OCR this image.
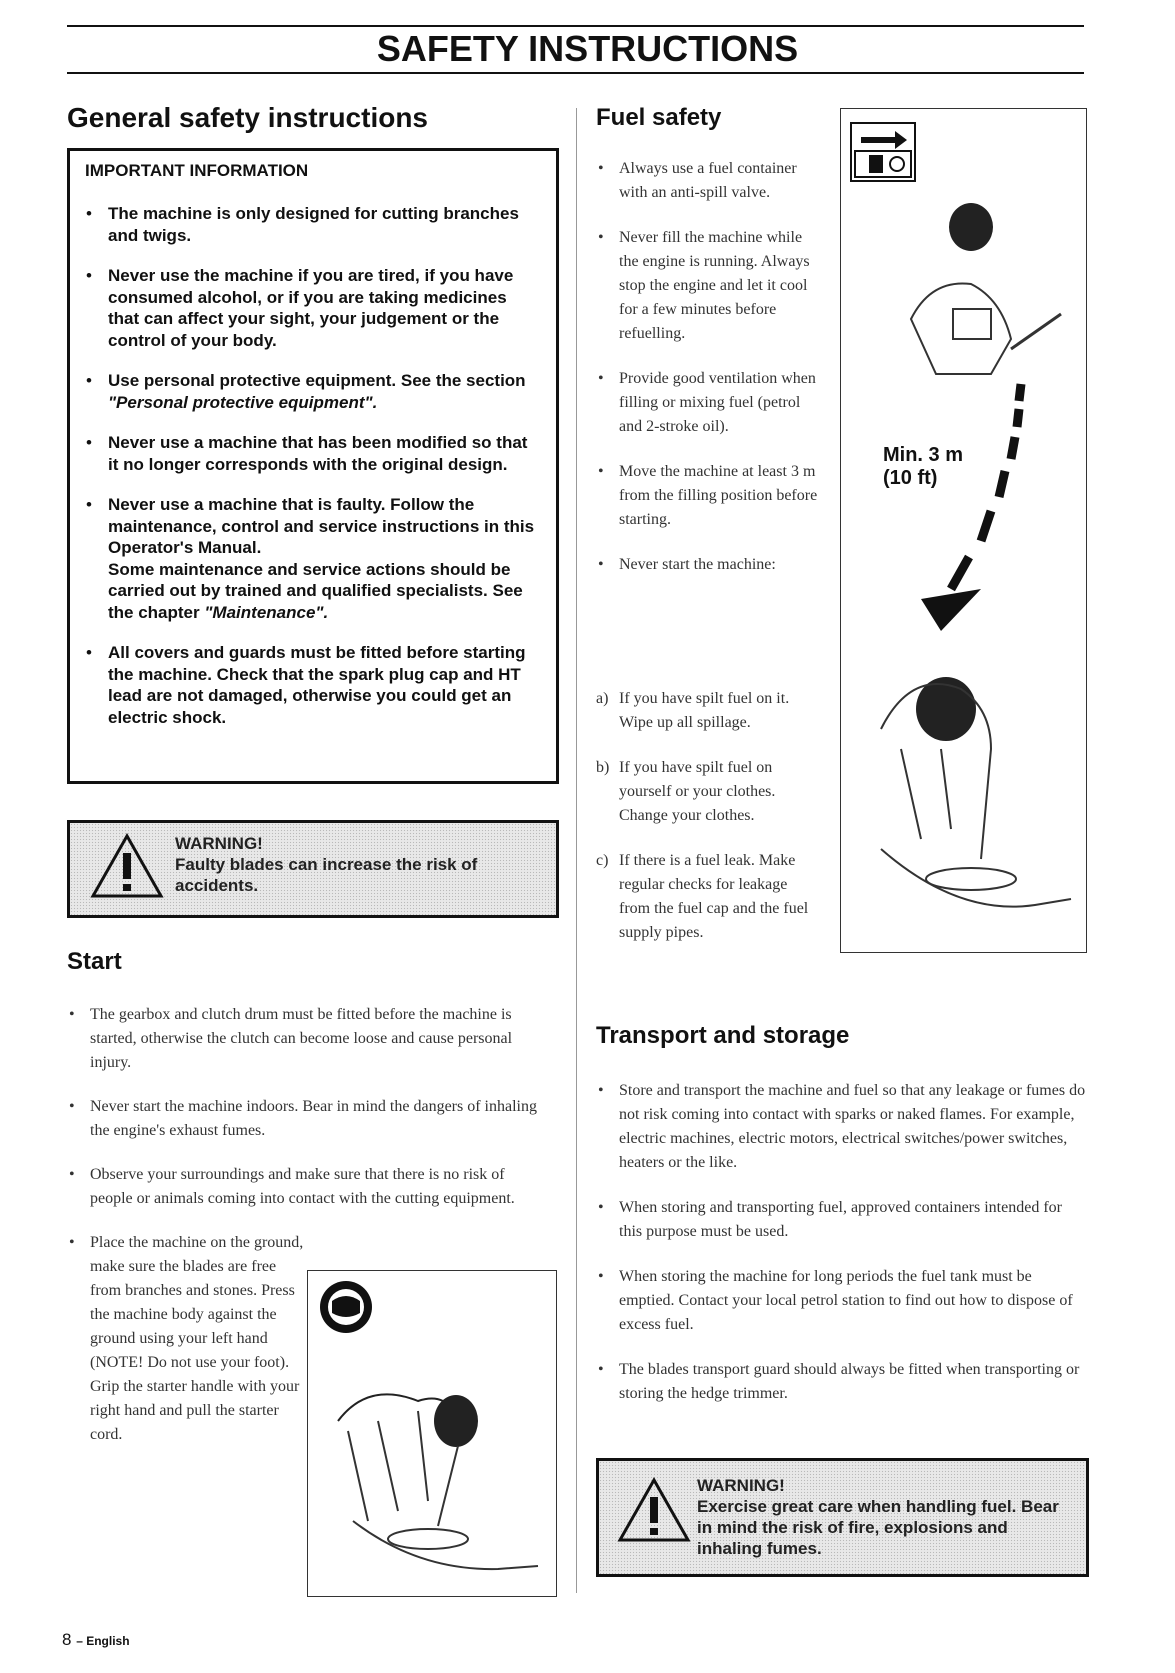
SAFETY INSTRUCTIONS
General safety instructions
IMPORTANT INFORMATION
• The machine is only designed for cutting branches and twigs.
• Never use the machine if you are tired, if you have consumed alcohol, or if you are taking medicines that can affect your sight, your judgement or the control of your body.
• Use personal protective equipment. See the section "Personal protective equipment".
• Never use a machine that has been modified so that it no longer corresponds with the original design.
• Never use a machine that is faulty. Follow the maintenance, control and service instructions in this Operator's Manual.
Some maintenance and service actions should be carried out by trained and qualified specialists. See the chapter "Maintenance".
• All covers and guards must be fitted before starting the machine. Check that the spark plug cap and HT lead are not damaged, otherwise you could get an electric shock.
WARNING!
Faulty blades can increase the risk of accidents.
Start
• The gearbox and clutch drum must be fitted before the machine is started, otherwise the clutch can become loose and cause personal injury.
• Never start the machine indoors. Bear in mind the dangers of inhaling the engine's exhaust fumes.
• Observe your surroundings and make sure that there is no risk of people or animals coming into contact with the cutting equipment.
• Place the machine on the ground, make sure the blades are free from branches and stones. Press the machine body against the ground using your left hand (NOTE! Do not use your foot). Grip the starter handle with your right hand and pull the starter cord.
Fuel safety
• Always use a fuel container with an anti-spill valve.
• Never fill the machine while the engine is running. Always stop the engine and let it cool for a few minutes before refuelling.
• Provide good ventilation when filling or mixing fuel (petrol and 2-stroke oil).
• Move the machine at least 3 m from the filling position before starting.
• Never start the machine:
a) If you have spilt fuel on it. Wipe up all spillage.
b) If you have spilt fuel on yourself or your clothes. Change your clothes.
c) If there is a fuel leak. Make regular checks for leakage from the fuel cap and the fuel supply pipes.
Min. 3 m
(10 ft)
Transport and storage
• Store and transport the machine and fuel so that any leakage or fumes do not risk coming into contact with sparks or naked flames. For example, electric machines, electric motors, electrical switches/power switches, heaters or the like.
• When storing and transporting fuel, approved containers intended for this purpose must be used.
• When storing the machine for long periods the fuel tank must be emptied. Contact your local petrol station to find out how to dispose of excess fuel.
• The blades transport guard should always be fitted when transporting or storing the hedge trimmer.
WARNING!
Exercise great care when handling fuel. Bear in mind the risk of fire, explosions and inhaling fumes.
8 – English
